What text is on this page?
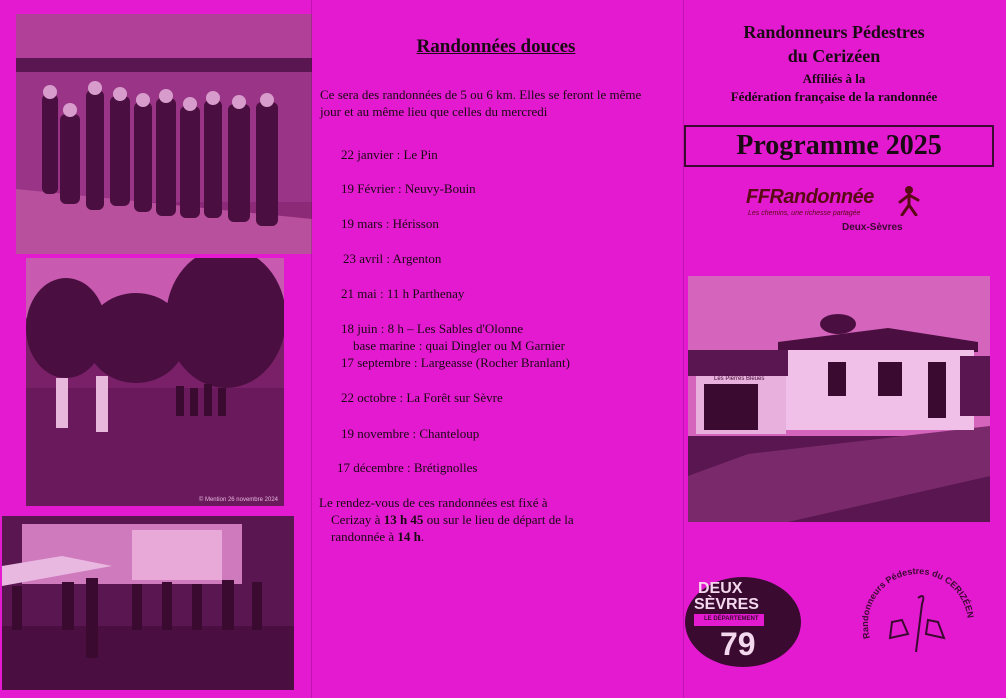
© Mention 26 novembre 2024
Randonnées douces
Ce sera des randonnées de 5 ou 6 km. Elles se feront le même jour et au même lieu que celles du mercredi
22 janvier : Le Pin
19 Février : Neuvy-Bouin
19 mars : Hérisson
23 avril : Argenton
21 mai : 11 h Parthenay
18 juin : 8 h – Les Sables d'Olonne
base marine : quai Dingler ou M Garnier
17 septembre : Largeasse (Rocher Branlant)
22 octobre : La Forêt sur Sèvre
19 novembre : Chanteloup
17 décembre : Brétignolles
Le rendez-vous de ces randonnées est fixé à
Cerizay à 13 h 45 ou sur le lieu de départ de la
randonnée à 14 h.
Randonneurs Pédestres
du Cerizéen
Affiliés à la
Fédération française de la randonnée
Programme 2025
FFRandonnée
Les chemins, une richesse partagée
Deux-Sèvres
Les Pierres Bleues
DEUX
SÈVRES
LE DÉPARTEMENT
79	Randonneurs Pédestres du CERIZÉEN
